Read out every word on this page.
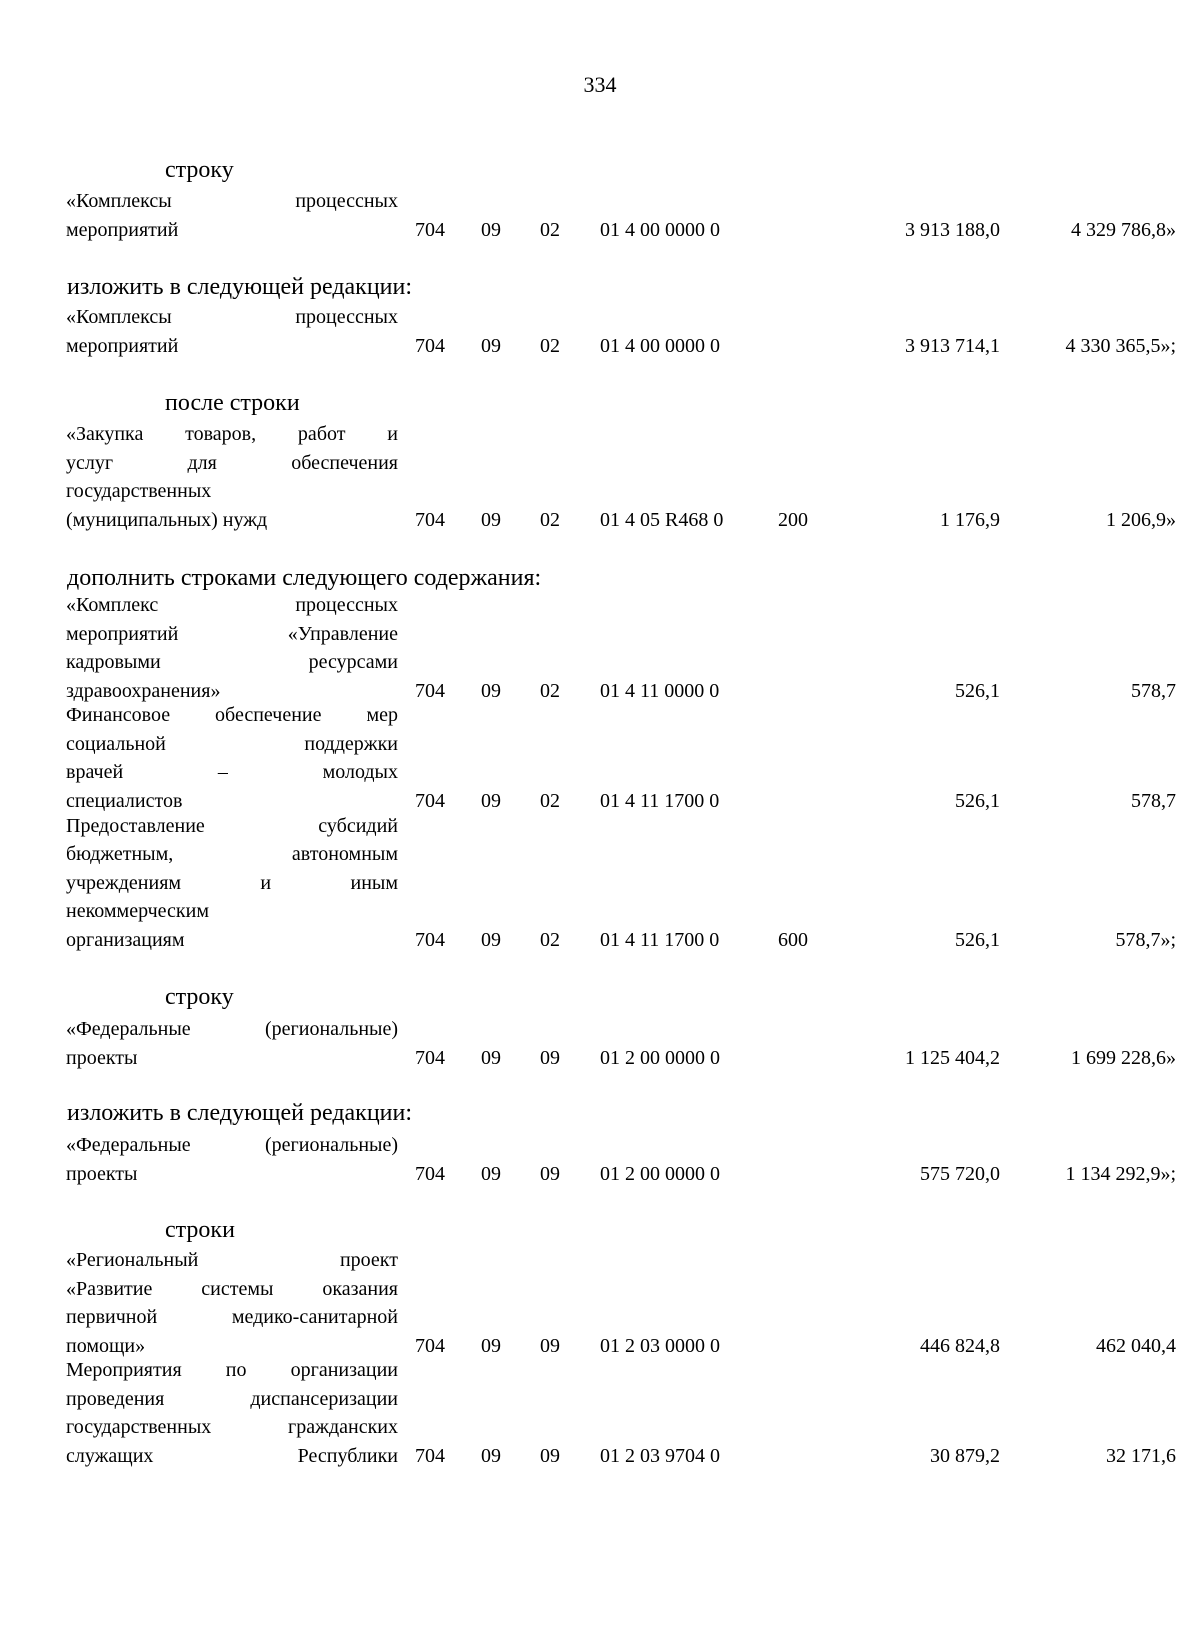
334
строку
«Комплексы процессных
мероприятий	704 09 02 01 4 00 0000 0	3 913 188,0	4 329 786,8»
изложить в следующей редакции:
«Комплексы процессных
мероприятий	704 09 02 01 4 00 0000 0	3 913 714,1	4 330 365,5»;
после строки
«Закупка товаров, работ и
услуг для обеспечения
государственных
(муниципальных) нужд	704 09 02 01 4 05 R468 0	200	1 176,9	1 206,9»
дополнить строками следующего содержания:
«Комплекс процессных
мероприятий «Управление
кадровыми ресурсами
здравоохранения»	704 09 02 01 4 11 0000 0	526,1	578,7
Финансовое обеспечение мер
социальной поддержки
врачей – молодых
специалистов	704 09 02 01 4 11 1700 0	526,1	578,7
Предоставление субсидий
бюджетным, автономным
учреждениям и иным
некоммерческим
организациям	704 09 02 01 4 11 1700 0	600	526,1	578,7»;
строку
«Федеральные (региональные)
проекты	704 09 09 01 2 00 0000 0	1 125 404,2	1 699 228,6»
изложить в следующей редакции:
«Федеральные (региональные)
проекты	704 09 09 01 2 00 0000 0	575 720,0	1 134 292,9»;
строки
«Региональный проект
«Развитие системы оказания
первичной медико-санитарной
помощи»	704 09 09 01 2 03 0000 0	446 824,8	462 040,4
Мероприятия по организации
проведения диспансеризации
государственных гражданских
служащих Республики 704 09 09 01 2 03 9704 0	30 879,2	32 171,6
